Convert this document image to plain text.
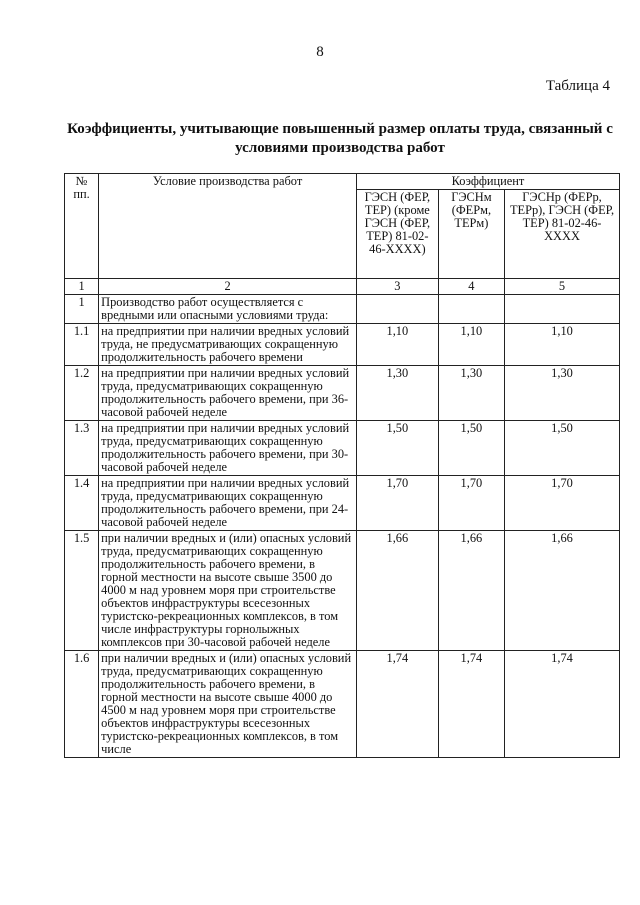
8
Таблица 4
Коэффициенты, учитывающие повышенный размер оплаты труда, связанный с условиями производства работ
№
пп.	Условие производства работ	Коэффициент		
		ГЭСН (ФЕР, ТЕР) (кроме ГЭСН (ФЕР, ТЕР) 81-02-46-XXXX)	ГЭСНм (ФЕРм, ТЕРм)	ГЭСНр (ФЕРр, ТЕРр), ГЭСН (ФЕР, ТЕР) 81-02-46-XXXX
1	2	3	4	5
1	Производство работ осуществляется с вредными или опасными условиями труда:			
1.1	на предприятии при наличии вредных условий труда, не предусматривающих сокращенную продолжительность рабочего времени	1,10	1,10	1,10
1.2	на предприятии при наличии вредных условий труда, предусматривающих сокращенную продолжительность рабочего времени, при 36-часовой рабочей неделе	1,30	1,30	1,30
1.3	на предприятии при наличии вредных условий труда, предусматривающих сокращенную продолжительность рабочего времени, при 30-часовой рабочей неделе	1,50	1,50	1,50
1.4	на предприятии при наличии вредных условий труда, предусматривающих сокращенную продолжительность рабочего времени, при 24-часовой рабочей неделе	1,70	1,70	1,70
1.5	при наличии вредных и (или) опасных условий труда, предусматривающих сокращенную продолжительность рабочего времени, в горной местности на высоте свыше 3500 до 4000 м над уровнем моря при строительстве объектов инфраструктуры всесезонных туристско-рекреационных комплексов, в том числе инфраструктуры горнолыжных комплексов при 30-часовой рабочей неделе	1,66	1,66	1,66
1.6	при наличии вредных и (или) опасных условий труда, предусматривающих сокращенную продолжительность рабочего времени, в горной местности на высоте свыше 4000 до 4500 м над уровнем моря при строительстве объектов инфраструктуры всесезонных туристско-рекреационных комплексов, в том числе	1,74	1,74	1,74
